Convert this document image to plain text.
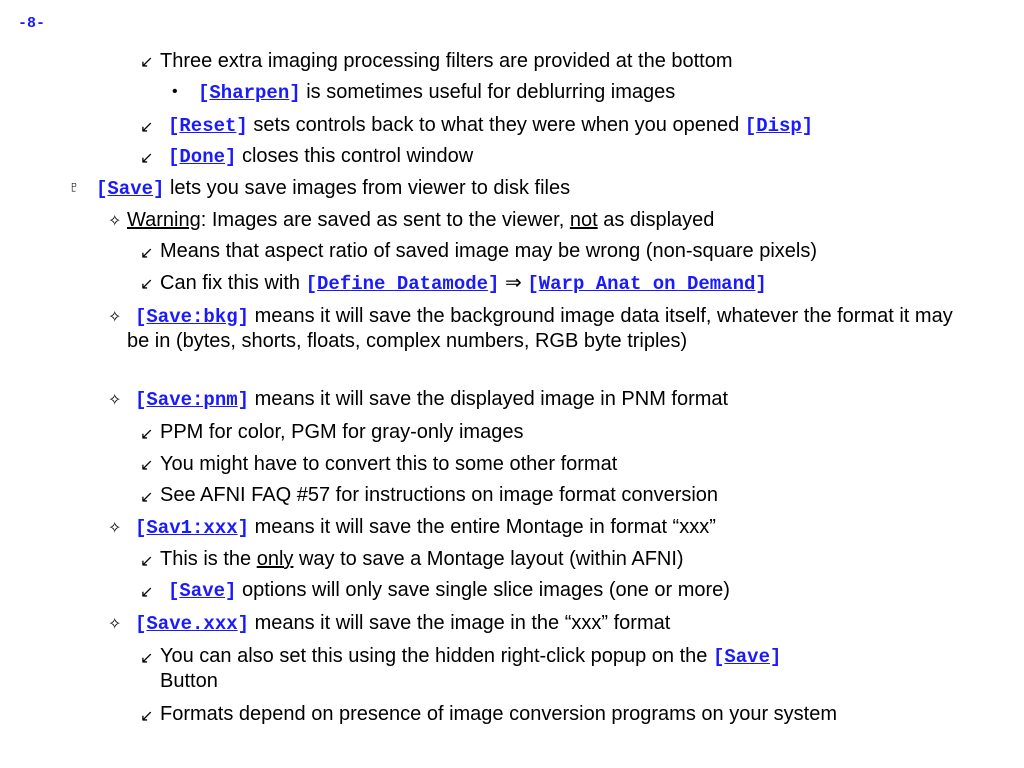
-8-
↙ Three extra imaging processing filters are provided at the bottom
• [Sharpen] is sometimes useful for deblurring images
↙ [Reset] sets controls back to what they were when you opened [Disp]
↙ [Done] closes this control window
♇ [Save] lets you save images from viewer to disk files
✧ Warning: Images are saved as sent to the viewer, not as displayed
↙ Means that aspect ratio of saved image may be wrong (non-square pixels)
↙ Can fix this with [Define Datamode] ⇒ [Warp Anat on Demand]
✧ [Save:bkg] means it will save the background image data itself, whatever the format it may be in (bytes, shorts, floats, complex numbers, RGB byte triples)
✧ [Save:pnm] means it will save the displayed image in PNM format
↙ PPM for color, PGM for gray-only images
↙ You might have to convert this to some other format
↙ See AFNI FAQ #57 for instructions on image format conversion
✧ [Sav1:xxx] means it will save the entire Montage in format “xxx”
↙ This is the only way to save a Montage layout (within AFNI)
↙ [Save] options will only save single slice images (one or more)
✧ [Save.xxx] means it will save the image in the “xxx” format
↙ You can also set this using the hidden right-click popup on the [Save]
Button
↙ Formats depend on presence of image conversion programs on your system
